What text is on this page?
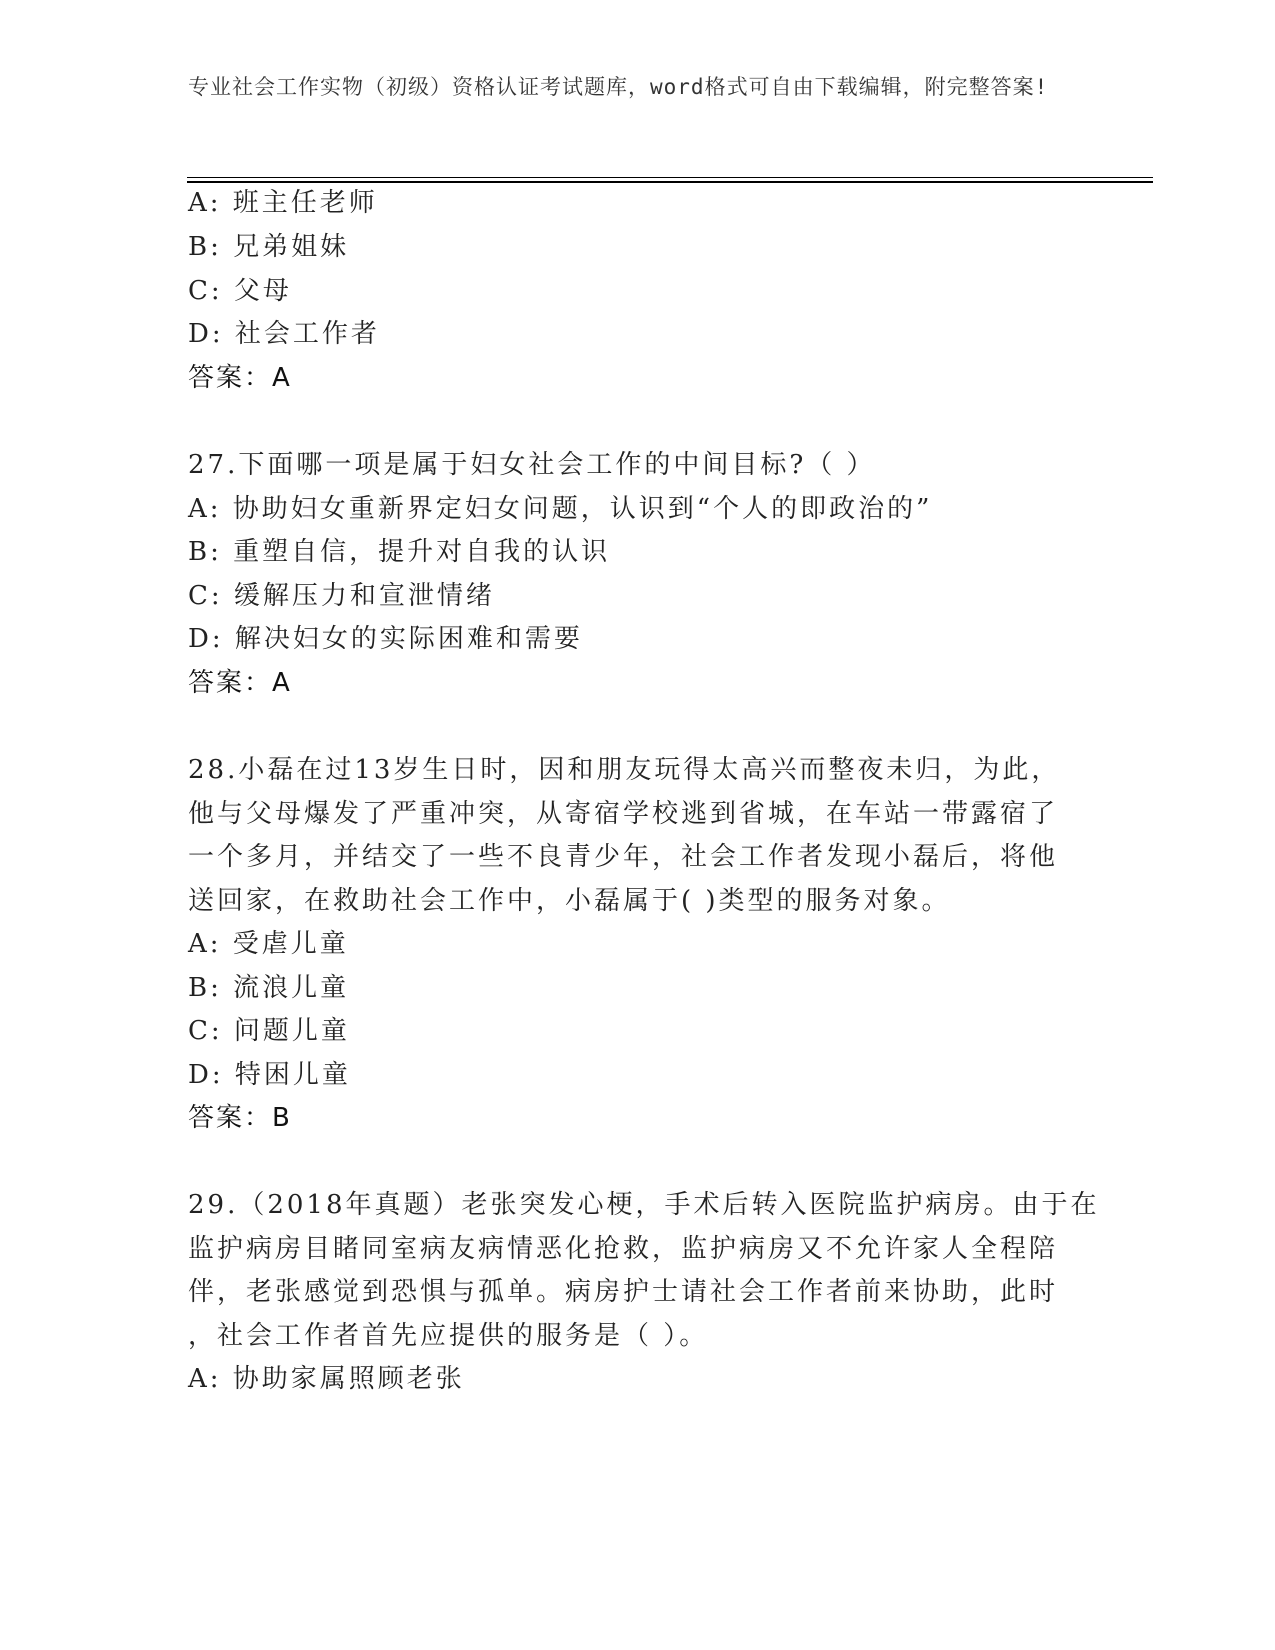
专业社会工作实物（初级）资格认证考试题库，word格式可自由下载编辑，附完整答案!
A: 班主任老师
B: 兄弟姐妹
C: 父母
D: 社会工作者
答案：A
27.下面哪一项是属于妇女社会工作的中间目标?（ ）
A: 协助妇女重新界定妇女问题，认识到“个人的即政治的”
B: 重塑自信，提升对自我的认识
C: 缓解压力和宣泄情绪
D: 解决妇女的实际困难和需要
答案：A
28.小磊在过13岁生日时，因和朋友玩得太高兴而整夜未归，为此，
他与父母爆发了严重冲突，从寄宿学校逃到省城，在车站一带露宿了
一个多月，并结交了一些不良青少年，社会工作者发现小磊后，将他
送回家，在救助社会工作中，小磊属于( )类型的服务对象。
A: 受虐儿童
B: 流浪儿童
C: 问题儿童
D: 特困儿童
答案：B
29.（2018年真题）老张突发心梗，手术后转入医院监护病房。由于在
监护病房目睹同室病友病情恶化抢救，监护病房又不允许家人全程陪
伴，老张感觉到恐惧与孤单。病房护士请社会工作者前来协助，此时
，社会工作者首先应提供的服务是（ ）。
A: 协助家属照顾老张
